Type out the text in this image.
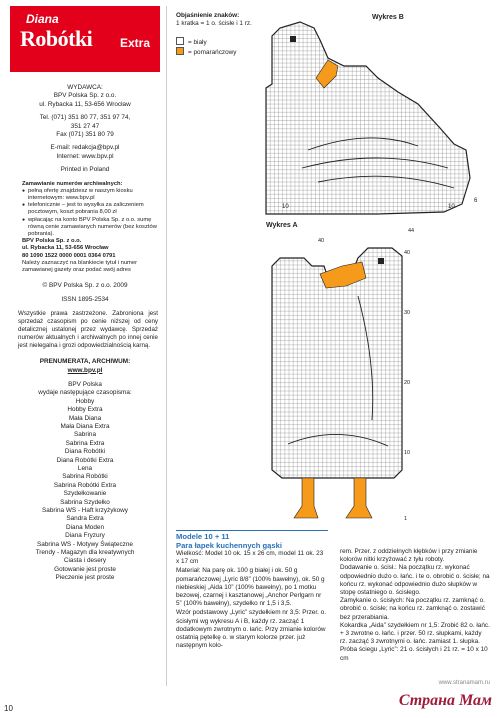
Diana
Robótki Extra
WYDAWCA:
BPV Polska Sp. z o.o.
ul. Rybacka 11, 53-656 Wrocław
Tel. (071) 351 80 77, 351 97 74,
351 27 47
Fax (071) 351 80 79
E-mail: redakcja@bpv.pl
Internet: www.bpv.pl
Printed in Poland
Zamawianie numerów archiwalnych:
● pełną ofertę znajdziesz w naszym kiosku internetowym: www.bpv.pl
● telefonicznie – jest to wysyłka za zaliczeniem pocztowym, koszt pobrania 8,00 zł
● wpłacając na konto BPV Polska Sp. z o.o. sumę równą cenie zamawianych numerów (bez kosztów pobrania).
BPV Polska Sp. z o.o.
ul. Rybacka 11, 53-656 Wrocław
80 1090 1522 0000 0001 0364 0791
Należy zaznaczyć na blankiecie tytuł i numer zamawianej gazety oraz podać swój adres
© BPV Polska Sp. z o.o. 2009
ISSN 1895-2534
Wszystkie prawa zastrzeżone. Zabroniona jest sprzedaż czasopism po cenie niższej od ceny detalicznej ustalonej przez wydawcę. Sprzedaż numerów aktualnych i archiwalnych po innej cenie jest nielegalna i grozi odpowiedzialnością karną.
PRENUMERATA, ARCHIWUM:
www.bpv.pl
BPV Polska
wydaje następujące czasopisma:
Hobby
Hobby Extra
Mała Diana
Mała Diana Extra
Sabrina
Sabrina Extra
Diana Robótki
Diana Robótki Extra
Lena
Sabrina Robótki
Sabrina Robótki Extra
Szydełkowanie
Sabrina Szydełko
Sabrina WS - Haft krzyżykowy
Sandra Extra
Diana Moden
Diana Fryzury
Sabrina WS - Motywy Świąteczne
Trendy - Magazyn dla kreatywnych
Ciasta i desery
Gotowanie jest proste
Pieczenie jest proste
Objaśnienie znaków:
1 kratka = 1 o. ścisłe i 1 rz.
= biały
= pomarańczowy
Wykres B
10	10
6
Wykres A
40
44
40
30
20
10
1
Modele 10 + 11
Para łapek kuchennych gąski

Wielkość: Model 10 ok. 15 x 26 cm, model 11 ok. 23 x 17 cm

Materiał: Na parę ok. 100 g białej i ok. 50 g pomarańczowej „Lyric 8/8” (100% bawełny), ok. 50 g niebieskiej „Aida 10” (100% bawełny), po 1 motku bezowej, czarnej i kasztanowej „Anchor Perlgarn nr 5” (100% bawełny), szydełko nr 1,5 i 3,5.

Wzór podstawowy „Lyric” szydełkiem nr 3,5: Przer. o. ścisłymi wg wykresu A i B, każdy rz. zacząć 1 dodatkowym zwrotnym o. łańc. Przy zmianie kolorów ostatnią pętelkę o. w starym kolorze przer. już następnym kolo-

rem. Przer. z oddzielnych kłębków i przy zmianie kolorów nitki krzyżować z tyłu roboty.

Dodawanie o. ścisł.: Na początku rz. wykonać odpowiednio dużo o. łańc. i te o. obrobić o. ścisłe; na końcu rz. wykonać odpowiednio dużo słupków w stopę ostatniego o. ścisłego.

Zamykanie o. ścisłych: Na początku rz. zamknąć o. obrobić o. ścisłe; na końcu rz. zamknąć o. zostawić bez przerabiania.

Kokardka „Aida” szydełkiem nr 1,5: Zrobić 82 o. łańc. + 3 zwrotne o. łańc. i przer. 50 rz. słupkami, każdy rz. zacząć 3 zwrotnymi o. łańc. zamiast 1. słupka.

Próba ściegu „Lyric”: 21 o. ścisłych i 21 rz. = 10 x 10 cm

10
www.stranamam.ru
Страна Мам
